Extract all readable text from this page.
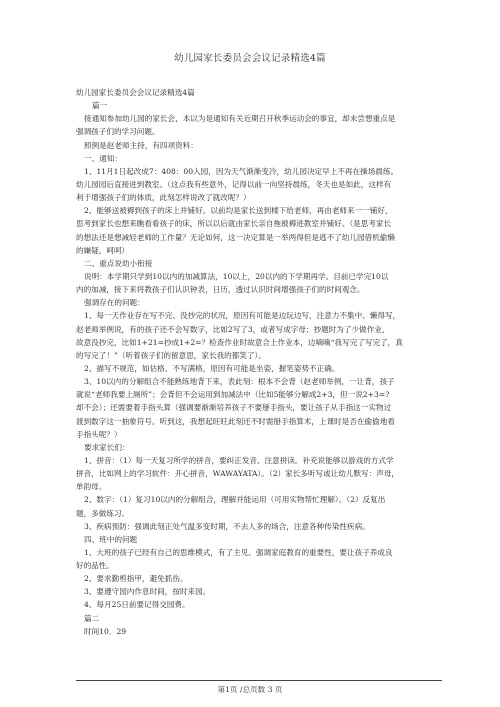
幼儿园家长委员会会议记录精选4篇
幼儿园家长委员会会议记录精选4篇
篇一
接通知参加幼儿园的家长会，本以为是通知有关近期召开秋季运动会的事宜，却未尝想重点是
强调孩子们的学习问题。
照例是赵老师主持，有四项资料：
一、通知：
1、11月1日起改成7：408：00入园，因为天气渐渐变冷，幼儿园决定早上不再在操场晨练。
幼儿园园后直接进到教室。（这点我有些意外，记得以前一向坚持晨练，冬天也是如此，这样有
利于增强孩子们的体质，此刻怎样说改了就改呢？）
2、能够送被褥到孩子的床上并铺好。以前均是家长送到楼下给老师，再由老师来一一铺好，
思考到家长也想来瞧看看孩子的床，所以以后就由家长亲自拖被褥进教室并铺好。（是思考家长
的想法还是想减轻老师的工作量？无论如何，这一决定算是一举两得但是逃不了幼儿园借机偷懒
的嫌疑，呵呵）
二、重点说幼小衔接
说明：本学期只学到10以内的加减算法，10以上，20以内的下学期再学。目前已学完10以
内的加减，接下来将教孩子们认识钟表，日历，透过认识时间增强孩子们的时间观念。
强调存在的问题：
1、每一天作业存在写不完、没抄完的状况，原因有可能是边玩边写，注意力不集中、懒得写，
赵老师举例说，有的孩子还不会写数字，比如2写了3，或者写成字母；抄题时为了少做作业，
故意没抄完，比如1+21=抄成1+2=？检查作业时故意合上作业本，边嘀嘀“我写完了写完了，真
的写完了！”（听着孩子们的留意思，家长我的都笑了）。
2、描写不规范，如估格、不写满格，原因有可能是坐姿，握笔姿势不正确。
3、10以内的分解组合不能熟练地背下来，表此刻：根本不会背（赵老师举例，一让背，孩子
就说“老师我要上厕所”；会背但不会运用到加减法中（比如5能够分解成2+3，但一说2+3=?
却不会）；还需要着手指头算（强调要渐渐培养孩子不要掰手指头，要让孩子从手指这一实物过
渡到数字这一抽象符号。听到这，我想起旺旺此刻还不时需掰手指算术，上课时是否在偷偷地看
手指头呢？）
要求家长们：
1、拼音：（1）每一天复习所学的拼音，要纠正发音、注意拼读。补充说能够以游戏的方式学
拼音，比如网上的学习软件：开心拼音，WAWAYATA）。（2）家长多听写或让幼儿默写：声母，
单韵母。
2、数字：（1）复习10以内的分解组合，理解并能运用（可用实物帮忙理解）。（2）反复出
题，多做练习。
3、疾病预防：强调此刻正处气温多变时期，不去人多的场合，注意各种传染性疾病。
四、班中的问题
1、大班的孩子已经有自己的思维模式，有了主见。强调家庭教育的重要性，要让孩子养成良
好的品性。
2、要求勤剪指甲，避免抓伤。
3、要遵守园内作息时间，按时来园。
4、每月25日前要记得交园费。
篇二
时间10．29
第1页 /总页数 3 页
